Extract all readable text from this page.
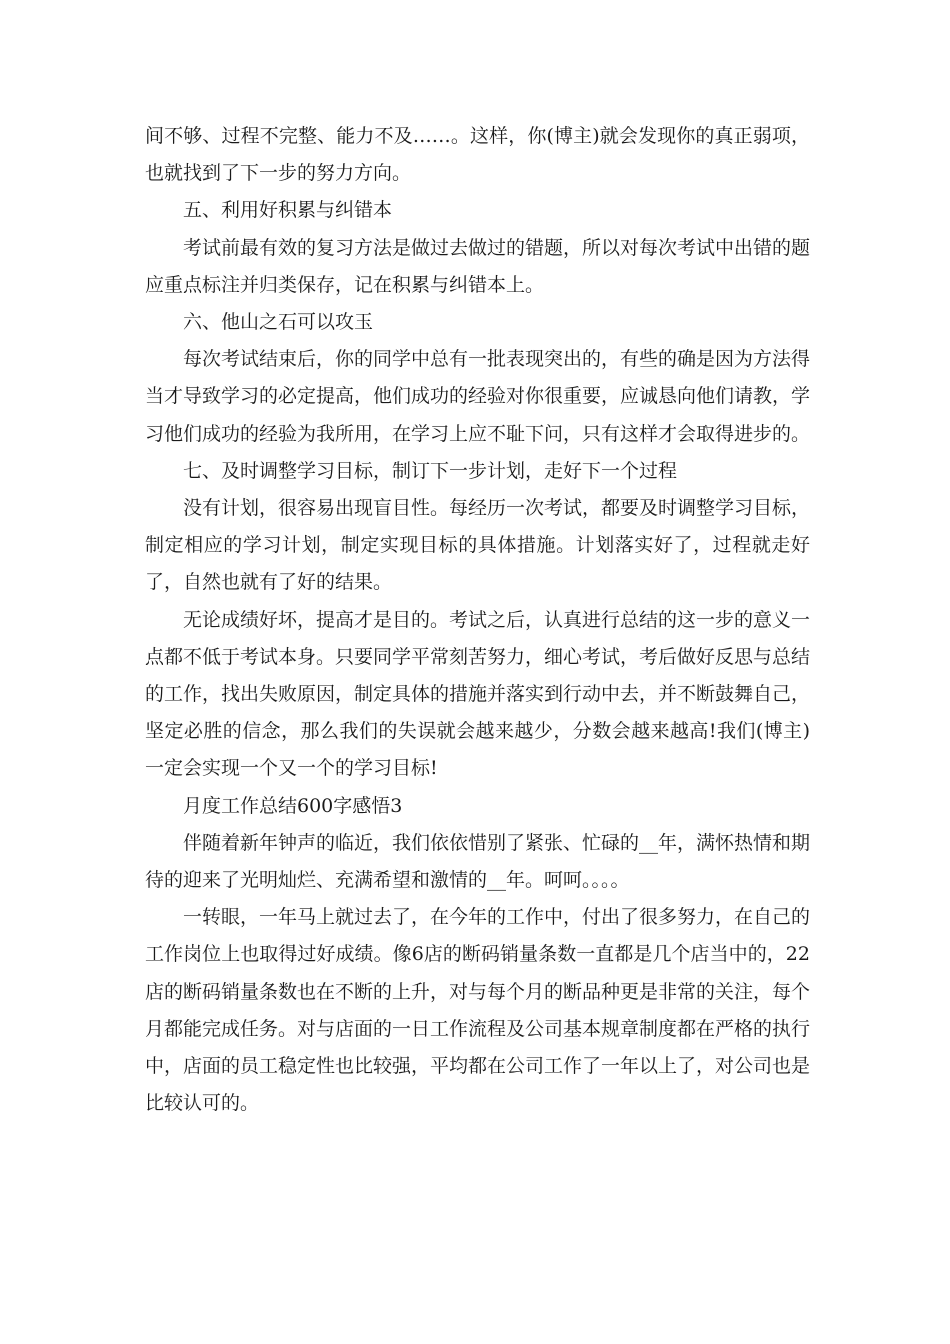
间不够、过程不完整、能力不及……。这样，你(博主)就会发现你的真正弱项，也就找到了下一步的努力方向。

五、利用好积累与纠错本

考试前最有效的复习方法是做过去做过的错题，所以对每次考试中出错的题应重点标注并归类保存，记在积累与纠错本上。

六、他山之石可以攻玉

每次考试结束后，你的同学中总有一批表现突出的，有些的确是因为方法得当才导致学习的必定提高，他们成功的经验对你很重要，应诚恳向他们请教，学习他们成功的经验为我所用，在学习上应不耻下问，只有这样才会取得进步的。

七、及时调整学习目标，制订下一步计划，走好下一个过程

没有计划，很容易出现盲目性。每经历一次考试，都要及时调整学习目标，制定相应的学习计划，制定实现目标的具体措施。计划落实好了，过程就走好了，自然也就有了好的结果。

无论成绩好坏，提高才是目的。考试之后，认真进行总结的这一步的意义一点都不低于考试本身。只要同学平常刻苦努力，细心考试，考后做好反思与总结的工作，找出失败原因，制定具体的措施并落实到行动中去，并不断鼓舞自己，坚定必胜的信念，那么我们的失误就会越来越少，分数会越来越高!我们(博主)一定会实现一个又一个的学习目标!

月度工作总结600字感悟3

伴随着新年钟声的临近，我们依依惜别了紧张、忙碌的__年，满怀热情和期待的迎来了光明灿烂、充满希望和激情的__年。呵呵。。。。

一转眼，一年马上就过去了，在今年的工作中，付出了很多努力，在自己的工作岗位上也取得过好成绩。像6店的断码销量条数一直都是几个店当中的，22店的断码销量条数也在不断的上升，对与每个月的断品种更是非常的关注，每个月都能完成任务。对与店面的一日工作流程及公司基本规章制度都在严格的执行中，店面的员工稳定性也比较强，平均都在公司工作了一年以上了，对公司也是比较认可的。
